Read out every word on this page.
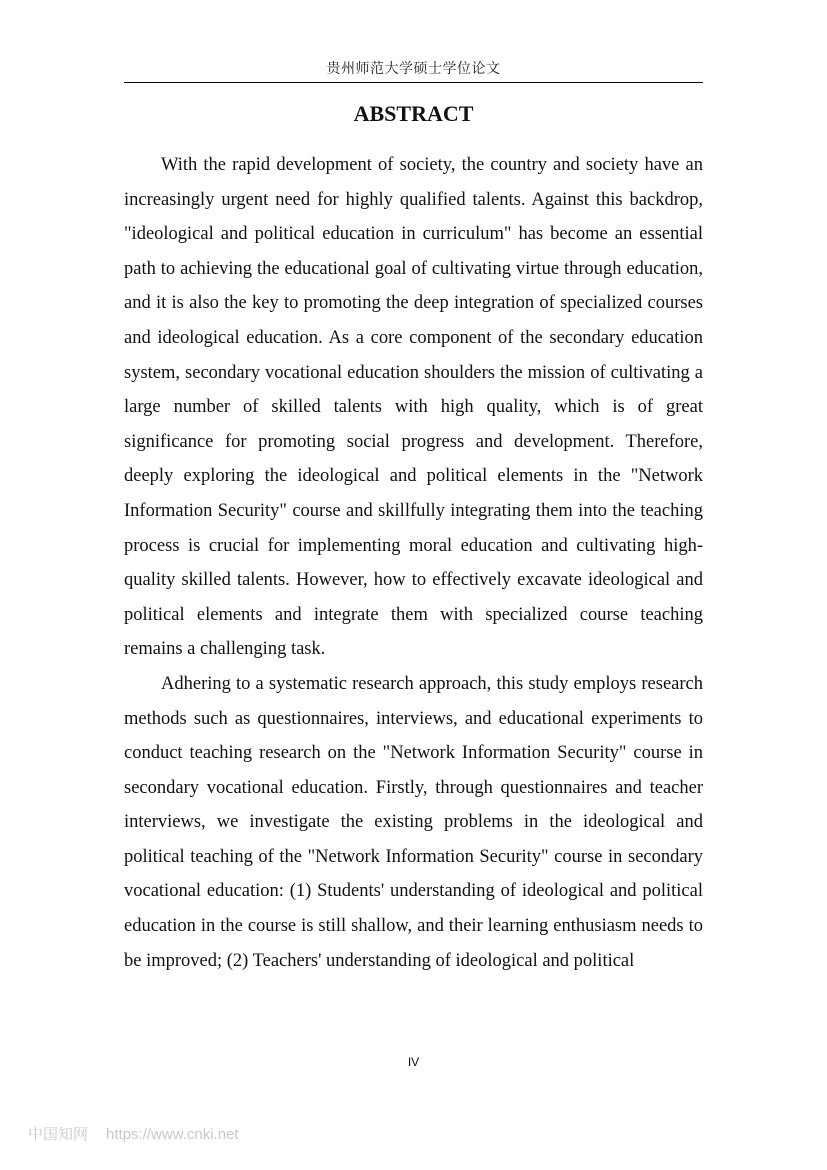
贵州师范大学硕士学位论文
ABSTRACT

With the rapid development of society, the country and society have an increasingly urgent need for highly qualified talents. Against this backdrop, "ideological and political education in curriculum" has become an essential path to achieving the educational goal of cultivating virtue through education, and it is also the key to promoting the deep integration of specialized courses and ideological education. As a core component of the secondary education system, secondary vocational education shoulders the mission of cultivating a large number of skilled talents with high quality, which is of great significance for promoting social progress and development. Therefore, deeply exploring the ideological and political elements in the "Network Information Security" course and skillfully integrating them into the teaching process is crucial for implementing moral education and cultivating high-quality skilled talents. However, how to effectively excavate ideological and political elements and integrate them with specialized course teaching remains a challenging task.

Adhering to a systematic research approach, this study employs research methods such as questionnaires, interviews, and educational experiments to conduct teaching research on the "Network Information Security" course in secondary vocational education. Firstly, through questionnaires and teacher interviews, we investigate the existing problems in the ideological and political teaching of the "Network Information Security" course in secondary vocational education: (1) Students' understanding of ideological and political education in the course is still shallow, and their learning enthusiasm needs to be improved; (2) Teachers' understanding of ideological and political

IV
中国知网 https://www.cnki.net
